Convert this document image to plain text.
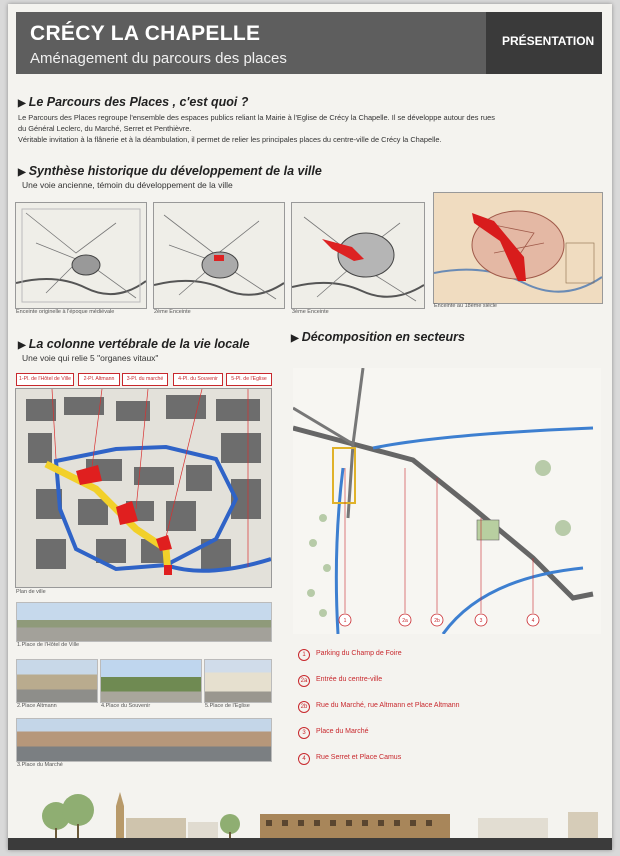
CRÉCY LA CHAPELLE
Aménagement du parcours des places
PRÉSENTATION
▶ Le Parcours des Places , c'est quoi ?
Le Parcours des Places regroupe l'ensemble des espaces publics reliant la Mairie à l'Eglise de Crécy la Chapelle. Il se développe autour des rues
du Général Leclerc, du Marché, Serret et Penthièvre.
Véritable invitation à la flânerie et à la déambulation, il permet de relier les principales places du centre-ville de Crécy la Chapelle.
▶ Synthèse historique du développement de la ville
Une voie ancienne, témoin du développement de la ville
Enceinte originelle à l'époque médiévale	2ème Enceinte	3ème Enceinte
Enceinte au 18ème siècle
▶ La colonne vertébrale de la vie locale
Une voie qui relie 5 "organes vitaux"
1-Pl. de l'Hôtel de Ville	2-Pl. Altmann	3-Pl. du marché	4-Pl. du Souvenir	5-Pl. de l'Eglise
Plan de ville
1.Place de l'Hôtel de Ville
2.Place Altmann	4.Place du Souvenir	5.Place de l'Eglise
3.Place du Marché
▶ Décomposition en secteurs
1	2a	2b	3	4
1	Parking du Champ de Foire
2a	Entrée du centre-ville
2b	Rue du Marché, rue Altmann et Place Altmann
3	Place du Marché
4	Rue Serret et Place Camus
